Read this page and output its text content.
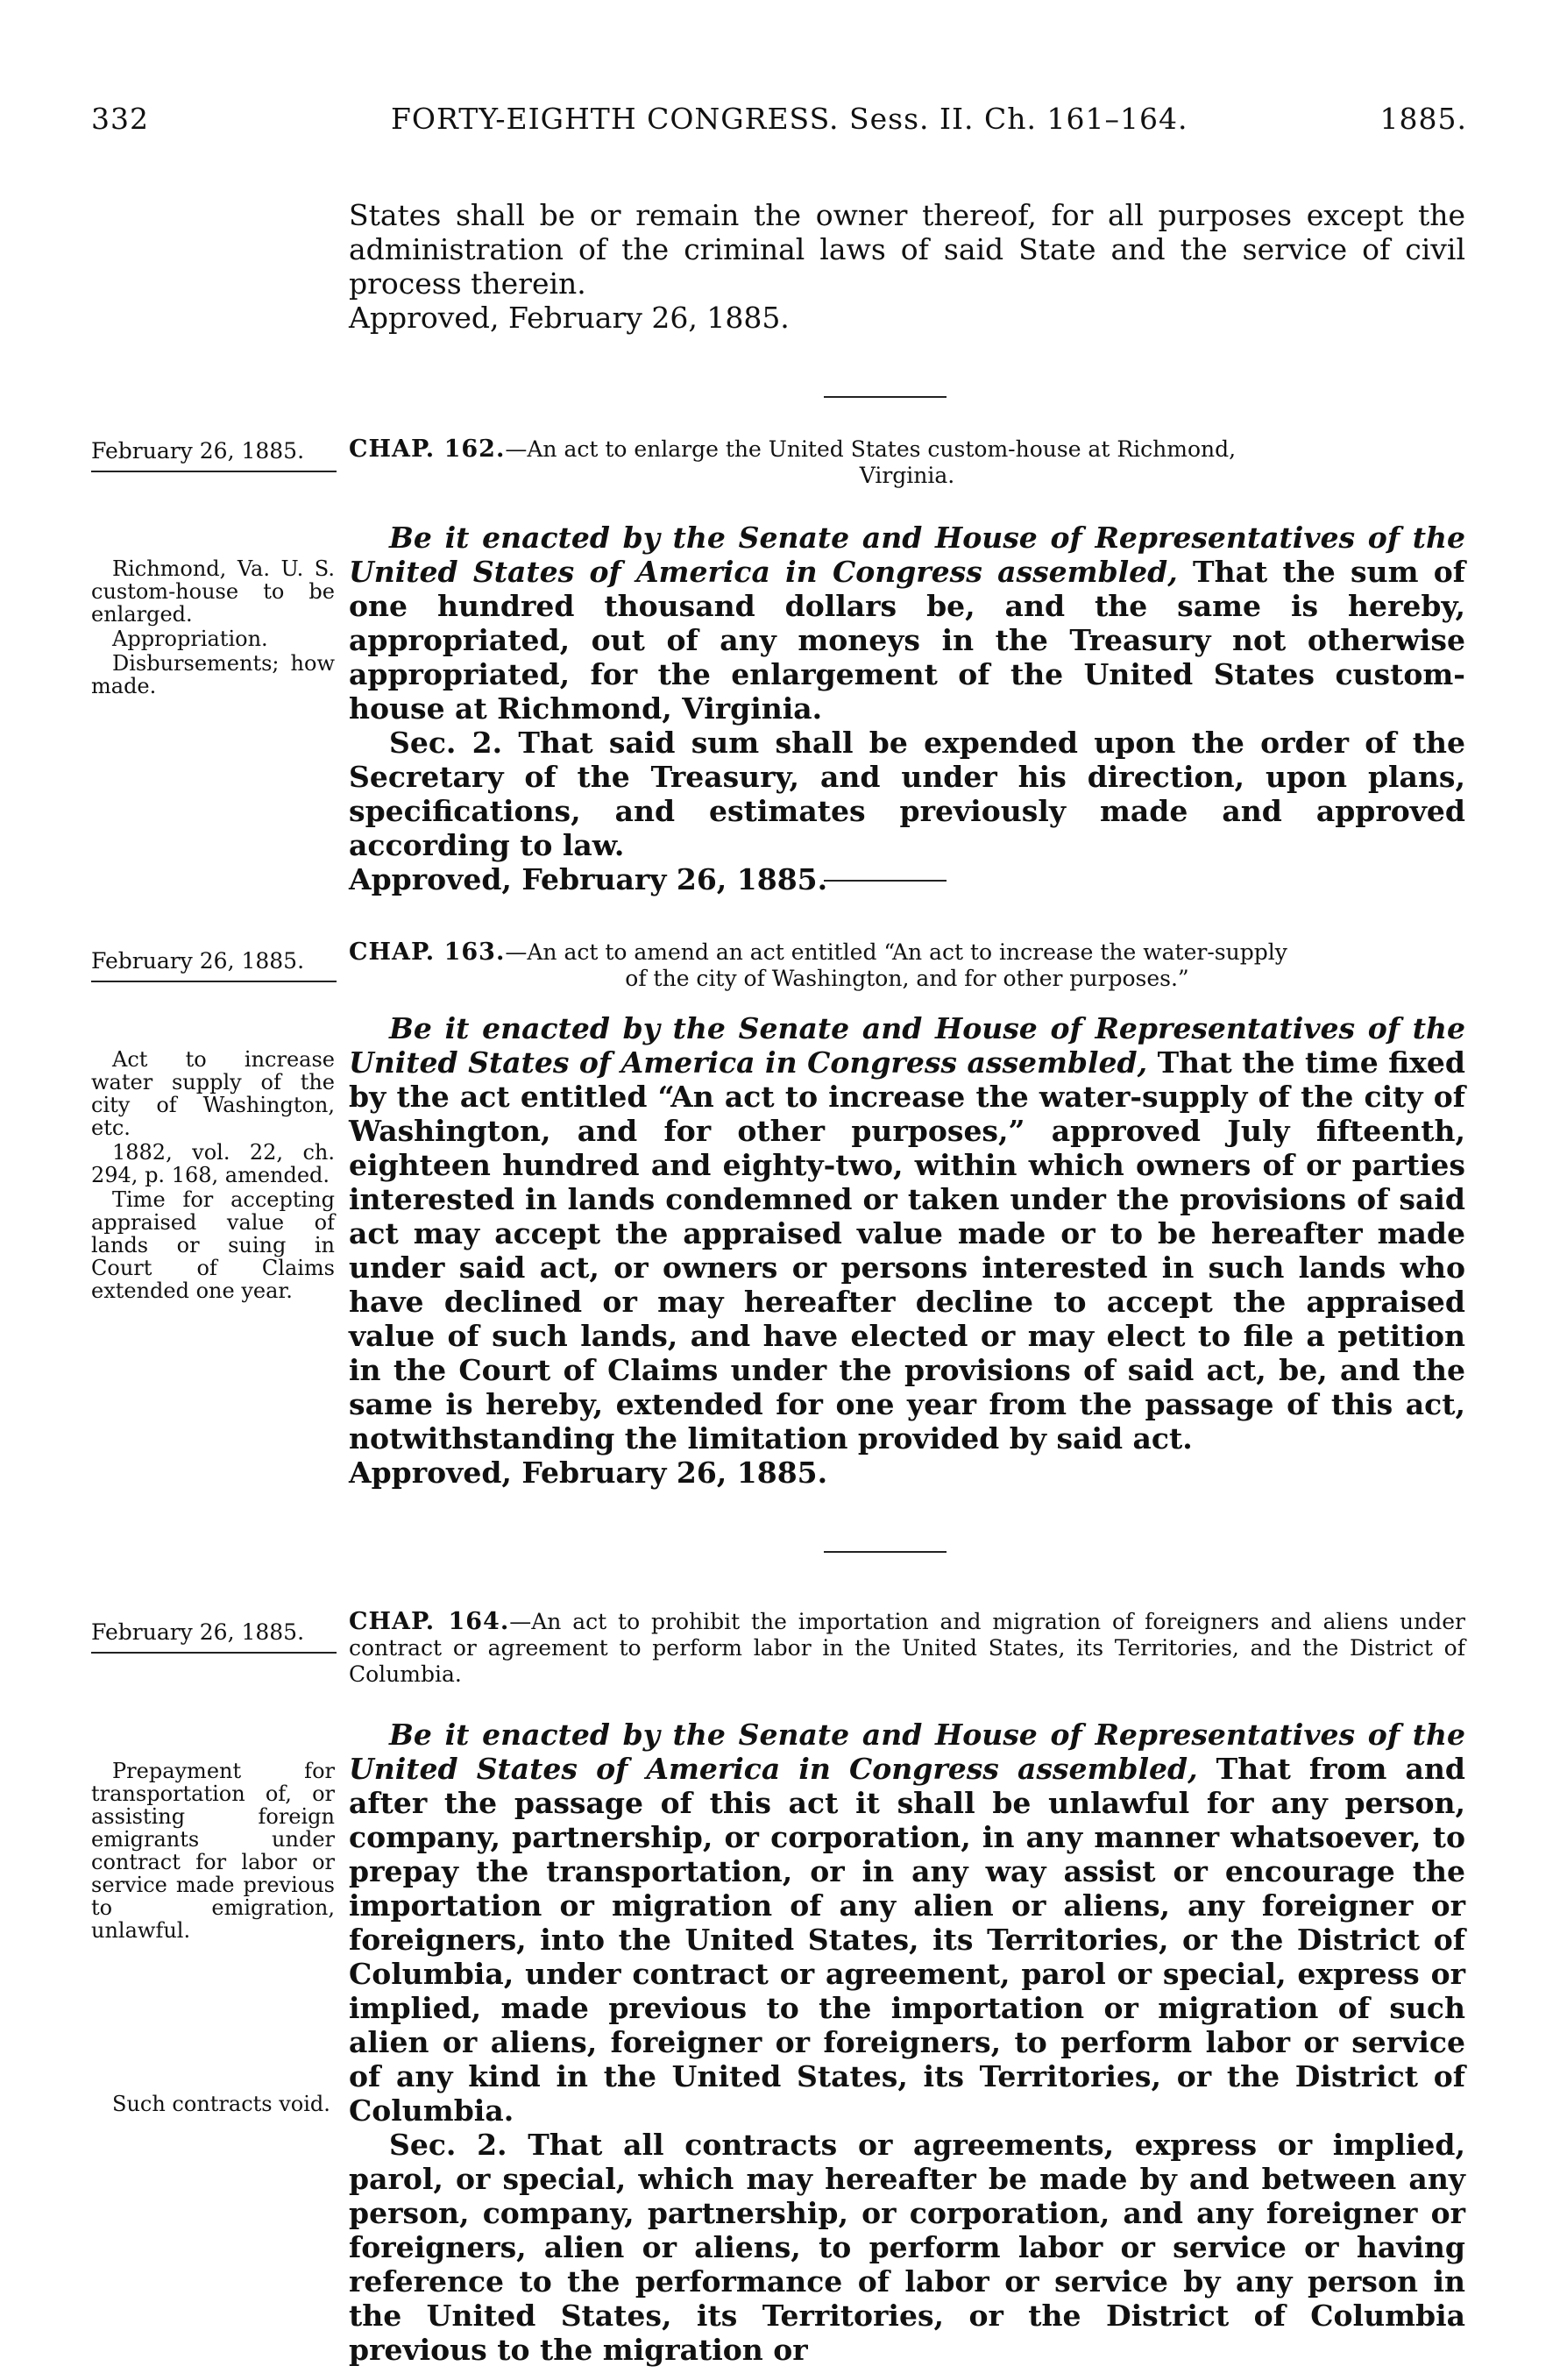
332	FORTY-EIGHTH CONGRESS. Sess. II. Ch. 161–164.	1885.

States shall be or remain the owner thereof, for all purposes except the administration of the criminal laws of said State and the service of civil process therein.

Approved, February 26, 1885.

February 26, 1885.	CHAP. 162.—An act to enlarge the United States custom-house at Richmond,
Virginia.

Richmond, Va. U. S. custom-house to be enlarged.

Appropriation.

Disbursements; how made.

Be it enacted by the Senate and House of Representatives of the United States of America in Congress assembled, That the sum of one hundred thousand dollars be, and the same is hereby, appropriated, out of any moneys in the Treasury not otherwise appropriated, for the enlargement of the United States custom-house at Richmond, Virginia.

Sec. 2. That said sum shall be expended upon the order of the Secretary of the Treasury, and under his direction, upon plans, specifications, and estimates previously made and approved according to law.

Approved, February 26, 1885.

February 26, 1885.	CHAP. 163.—An act to amend an act entitled “An act to increase the water-supply
of the city of Washington, and for other purposes.”

Act to increase water supply of the city of Washington, etc.

1882, vol. 22, ch. 294, p. 168, amended.

Time for accepting appraised value of lands or suing in Court of Claims extended one year.

Be it enacted by the Senate and House of Representatives of the United States of America in Congress assembled, That the time fixed by the act entitled “An act to increase the water-supply of the city of Washington, and for other purposes,” approved July fifteenth, eighteen hundred and eighty-two, within which owners of or parties interested in lands condemned or taken under the provisions of said act may accept the appraised value made or to be hereafter made under said act, or owners or persons interested in such lands who have declined or may hereafter decline to accept the appraised value of such lands, and have elected or may elect to file a petition in the Court of Claims under the provisions of said act, be, and the same is hereby, extended for one year from the passage of this act, notwithstanding the limitation provided by said act.

Approved, February 26, 1885.

February 26, 1885.	CHAP. 164.—An act to prohibit the importation and migration of foreigners and aliens under contract or agreement to perform labor in the United States, its Territories, and the District of Columbia.

Prepayment for transportation of, or assisting foreign emigrants under contract for labor or service made previous to emigration, unlawful.

Such contracts void.

Be it enacted by the Senate and House of Representatives of the United States of America in Congress assembled, That from and after the passage of this act it shall be unlawful for any person, company, partnership, or corporation, in any manner whatsoever, to prepay the transportation, or in any way assist or encourage the importation or migration of any alien or aliens, any foreigner or foreigners, into the United States, its Territories, or the District of Columbia, under contract or agreement, parol or special, express or implied, made previous to the importation or migration of such alien or aliens, foreigner or foreigners, to perform labor or service of any kind in the United States, its Territories, or the District of Columbia.

Sec. 2. That all contracts or agreements, express or implied, parol, or special, which may hereafter be made by and between any person, company, partnership, or corporation, and any foreigner or foreigners, alien or aliens, to perform labor or service or having reference to the performance of labor or service by any person in the United States, its Territories, or the District of Columbia previous to the migration or
